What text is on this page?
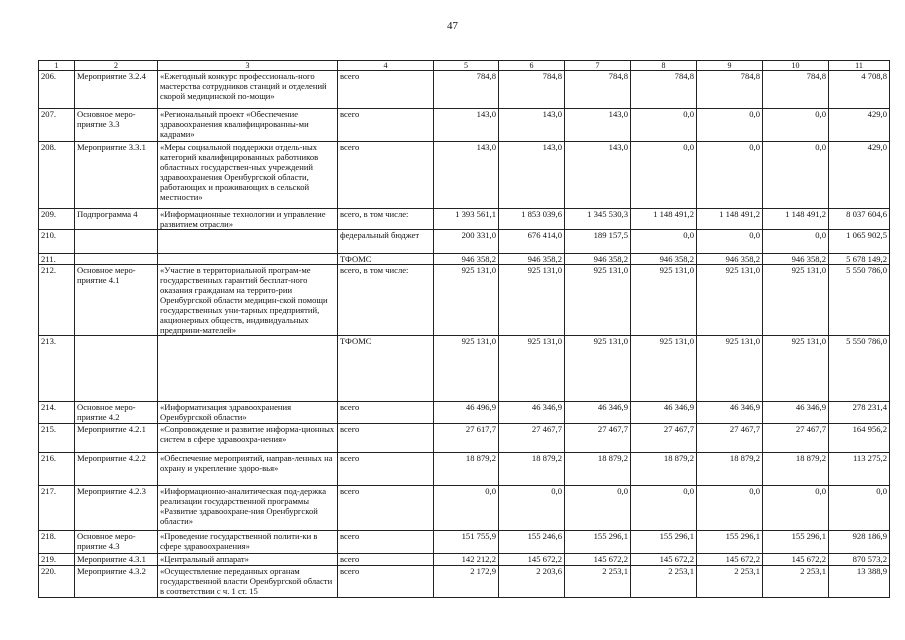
47
1	2	3	4	5	6	7	8	9	10	11
206.	Мероприятие 3.2.4	«Ежегодный конкурс профессиональ-ного мастерства сотрудников станций и отделений скорой медицинской по-мощи»	всего	784,8	784,8	784,8	784,8	784,8	784,8	4 708,8
207.	Основное меро-приятие 3.3	«Региональный проект «Обеспечение здравоохранения квалифицированны-ми кадрами»	всего	143,0	143,0	143,0	0,0	0,0	0,0	429,0
208.	Мероприятие 3.3.1	«Меры социальной поддержки отдель-ных категорий квалифицированных работников областных государствен-ных учреждений здравоохранения Оренбургской области, работающих и проживающих в сельской местности»	всего	143,0	143,0	143,0	0,0	0,0	0,0	429,0
209.	Подпрограмма 4	«Информационные технологии и управление развитием отрасли»	всего, в том числе:	1 393 561,1	1 853 039,6	1 345 530,3	1 148 491,2	1 148 491,2	1 148 491,2	8 037 604,6
210.			федеральный бюджет	200 331,0	676 414,0	189 157,5	0,0	0,0	0,0	1 065 902,5
211.			ТФОМС	946 358,2	946 358,2	946 358,2	946 358,2	946 358,2	946 358,2	5 678 149,2
212.	Основное меро-приятие 4.1	«Участие в территориальной програм-ме государственных гарантий бесплат-ного оказания гражданам на террито-рии Оренбургской области медицин-ской помощи государственных уни-тарных предприятий, акционерных обществ, индивидуальных предприни-мателей»	всего, в том числе:	925 131,0	925 131,0	925 131,0	925 131,0	925 131,0	925 131,0	5 550 786,0
213.			ТФОМС	925 131,0	925 131,0	925 131,0	925 131,0	925 131,0	925 131,0	5 550 786,0
214.	Основное меро-приятие 4.2	«Информатизация здравоохранения Оренбургской области»	всего	46 496,9	46 346,9	46 346,9	46 346,9	46 346,9	46 346,9	278 231,4
215.	Мероприятие 4.2.1	«Сопровождение и развитие информа-ционных систем в сфере здравоохра-нения»	всего	27 617,7	27 467,7	27 467,7	27 467,7	27 467,7	27 467,7	164 956,2
216.	Мероприятие 4.2.2	«Обеспечение мероприятий, направ-ленных на охрану и укрепление здоро-вья»	всего	18 879,2	18 879,2	18 879,2	18 879,2	18 879,2	18 879,2	113 275,2
217.	Мероприятие 4.2.3	«Информационно-аналитическая под-держка реализации государственной программы «Развитие здравоохране-ния Оренбургской области»	всего	0,0	0,0	0,0	0,0	0,0	0,0	0,0
218.	Основное меро-приятие 4.3	«Проведение государственной полити-ки в сфере здравоохранения»	всего	151 755,9	155 246,6	155 296,1	155 296,1	155 296,1	155 296,1	928 186,9
219.	Мероприятие 4.3.1	«Центральный аппарат»	всего	142 212,2	145 672,2	145 672,2	145 672,2	145 672,2	145 672,2	870 573,2
220.	Мероприятие 4.3.2	«Осуществление переданных органам государственной власти Оренбургской области в соответствии с ч. 1 ст. 15	всего	2 172,9	2 203,6	2 253,1	2 253,1	2 253,1	2 253,1	13 388,9
